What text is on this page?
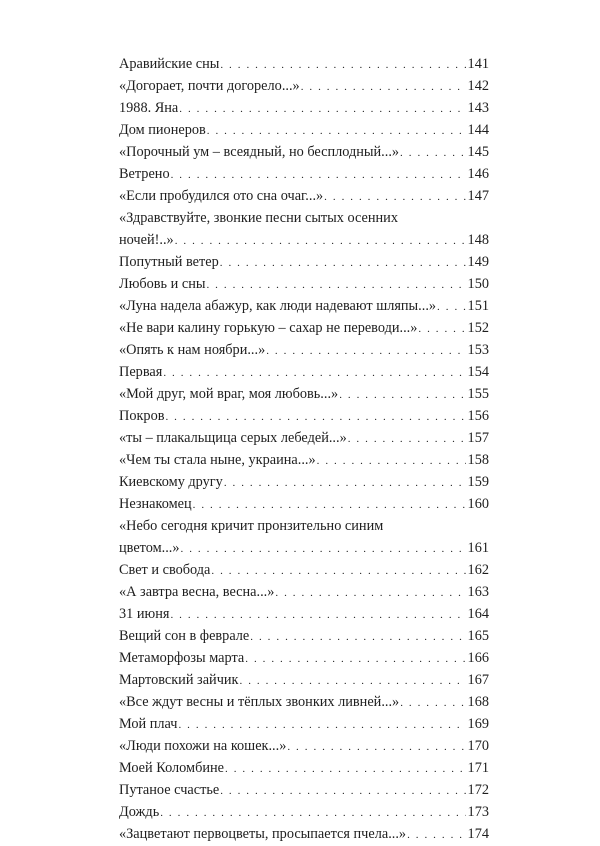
Аравийские сны . . .	141
«Догорает, почти догорело...» . . .	142
1988. Яна . . .	143
Дом пионеров . . .	144
«Порочный ум – всеядный, но бесплодный...» . . .	145
Ветрено . . .	146
«Если пробудился ото сна очаг...» . . .	147
«Здравствуйте, звонкие песни сытых осенних
ночей!..» . . .	148
Попутный ветер . . .	149
Любовь и сны . . .	150
«Луна надела абажур, как люди надевают шляпы...» . . . 151
«Не вари калину горькую – сахар не переводи...» . . .	152
«Опять к нам ноябри...» . . .	153
Первая . . .	154
«Мой друг, мой враг, моя любовь...» . . .	155
Покров . . .	156
«ты – плакальщица серых лебедей...» . . .	157
«Чем ты стала ныне, украина...» . . .	158
Киевскому другу . . .	159
Незнакомец . . .	160
«Небо сегодня кричит пронзительно синим
цветом...» . . .	161
Свет и свобода . . .	162
«А завтра весна, весна...» . . .	163
31 июня . . .	164
Вещий сон в феврале . . .	165
Метаморфозы марта . . .	166
Мартовский зайчик . . .	167
«Все ждут весны и тёплых звонких ливней...» . . .	168
Мой плач . . .	169
«Люди похожи на кошек...» . . .	170
Моей Коломбине . . .	171
Путаное счастье . . .	172
Дождь . . .	173
«Зацветают первоцветы, просыпается пчела...» . . .	174
